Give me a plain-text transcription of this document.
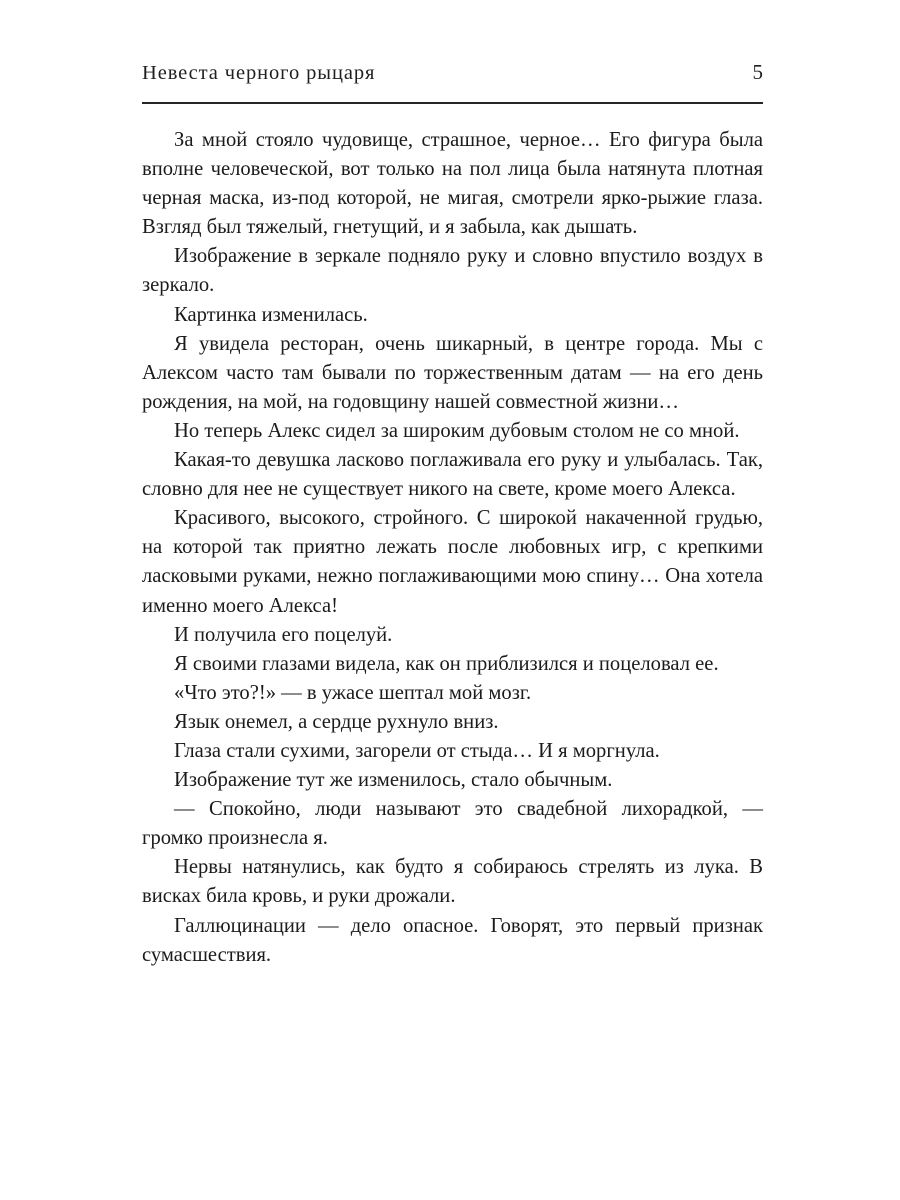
Невеста черного рыцаря	5

За мной стояло чудовище, страшное, черное… Его фигура была вполне человеческой, вот только на пол лица была натянута плотная черная маска, из-под которой, не мигая, смотрели ярко-рыжие глаза. Взгляд был тяжелый, гнетущий, и я забыла, как дышать.

Изображение в зеркале подняло руку и словно впустило воздух в зеркало.

Картинка изменилась.

Я увидела ресторан, очень шикарный, в центре города. Мы с Алексом часто там бывали по торжественным датам — на его день рождения, на мой, на годовщину нашей совместной жизни…

Но теперь Алекс сидел за широким дубовым столом не со мной.

Какая-то девушка ласково поглаживала его руку и улыбалась. Так, словно для нее не существует никого на свете, кроме моего Алекса.

Красивого, высокого, стройного. С широкой накаченной грудью, на которой так приятно лежать после любовных игр, с крепкими ласковыми руками, нежно поглаживающими мою спину… Она хотела именно моего Алекса!

И получила его поцелуй.

Я своими глазами видела, как он приблизился и поцеловал ее.

«Что это?!» — в ужасе шептал мой мозг.

Язык онемел, а сердце рухнуло вниз.

Глаза стали сухими, загорели от стыда… И я моргнула.

Изображение тут же изменилось, стало обычным.

— Спокойно, люди называют это свадебной лихорадкой, — громко произнесла я.

Нервы натянулись, как будто я собираюсь стрелять из лука. В висках била кровь, и руки дрожали.

Галлюцинации — дело опасное. Говорят, это первый признак сумасшествия.
